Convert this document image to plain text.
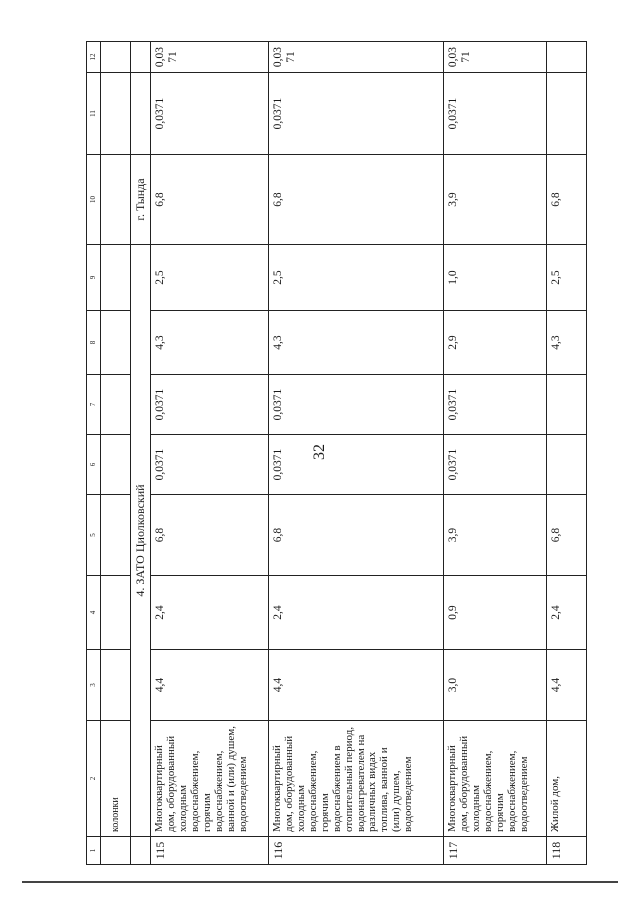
32
1	2	3	4	5	6	7	8	9	10	11	12
	колонки										
	4. ЗАТО Циолковский								г. Тында		
115	Многоквартирный дом, оборудованный холодным водоснабжением, горячим водоснабжением, ванной и (или) душем, водоотведением	4,4	2,4	6,8	0,0371	0,0371	4,3	2,5	6,8	0,0371	0,0371
116	Многоквартирный дом, оборудованный холодным водоснабжением, горячим водоснабжением в отопительный период, водонагревателем на различных видах топлива, ванной и (или) душем, водоотведением	4,4	2,4	6,8	0,0371	0,0371	4,3	2,5	6,8	0,0371	0,0371
117	Многоквартирный дом, оборудованный холодным водоснабжением, горячим водоснабжением, водоотведением	3,0	0,9	3,9	0,0371	0,0371	2,9	1,0	3,9	0,0371	0,0371
118	Жилой дом,	4,4	2,4	6,8			4,3	2,5	6,8		
